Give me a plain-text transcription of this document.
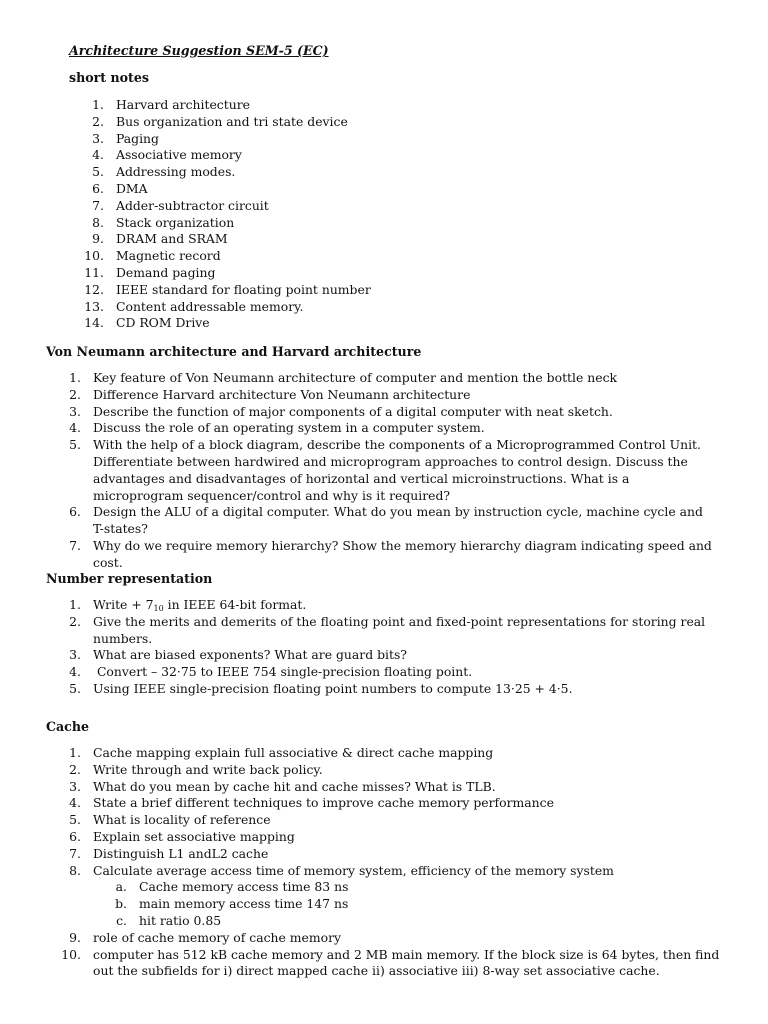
Architecture Suggestion SEM-5 (EC)
short notes
1. Harvard architecture
2. Bus organization and tri state device
3. Paging
4. Associative memory
5. Addressing modes.
6. DMA
7. Adder-subtractor circuit
8. Stack organization
9. DRAM and SRAM
10. Magnetic record
11. Demand paging
12. IEEE standard for floating point number
13. Content addressable memory.
14. CD ROM Drive
Von Neumann architecture and Harvard architecture
1. Key feature of Von Neumann architecture of computer and mention the bottle neck
2. Difference Harvard architecture Von Neumann architecture
3. Describe the function of major components of a digital computer with neat sketch.
4. Discuss the role of an operating system in a computer system.
5. With the help of a block diagram, describe the components of a Microprogrammed Control Unit. Differentiate between hardwired and microprogram approaches to control design. Discuss the advantages and disadvantages of horizontal and vertical microinstructions. What is a microprogram sequencer/control and why is it required?
6. Design the ALU of a digital computer. What do you mean by instruction cycle, machine cycle and T-states?
7. Why do we require memory hierarchy? Show the memory hierarchy diagram indicating speed and cost.
Number representation
1. Write + $7_{10}$ in IEEE 64-bit format.
2. Give the merits and demerits of the floating point and fixed-point representations for storing real numbers.
3. What are biased exponents? What are guard bits?
4. Convert – 32·75 to IEEE 754 single-precision floating point.
5. Using IEEE single-precision floating point numbers to compute 13·25 + 4·5.
Cache
1. Cache mapping explain full associative & direct cache mapping
2. Write through and write back policy.
3. What do you mean by cache hit and cache misses? What is TLB.
4. State a brief different techniques to improve cache memory performance
5. What is locality of reference
6. Explain set associative mapping
7. Distinguish L1 andL2 cache
8. Calculate average access time of memory system, efficiency of the memory system
a. Cache memory access time 83 ns
b. main memory access time 147 ns
c. hit ratio 0.85
9. role of cache memory of cache memory
10. computer has 512 kB cache memory and 2 MB main memory. If the block size is 64 bytes, then find out the subfields for i) direct mapped cache ii) associative iii) 8-way set associative cache.
